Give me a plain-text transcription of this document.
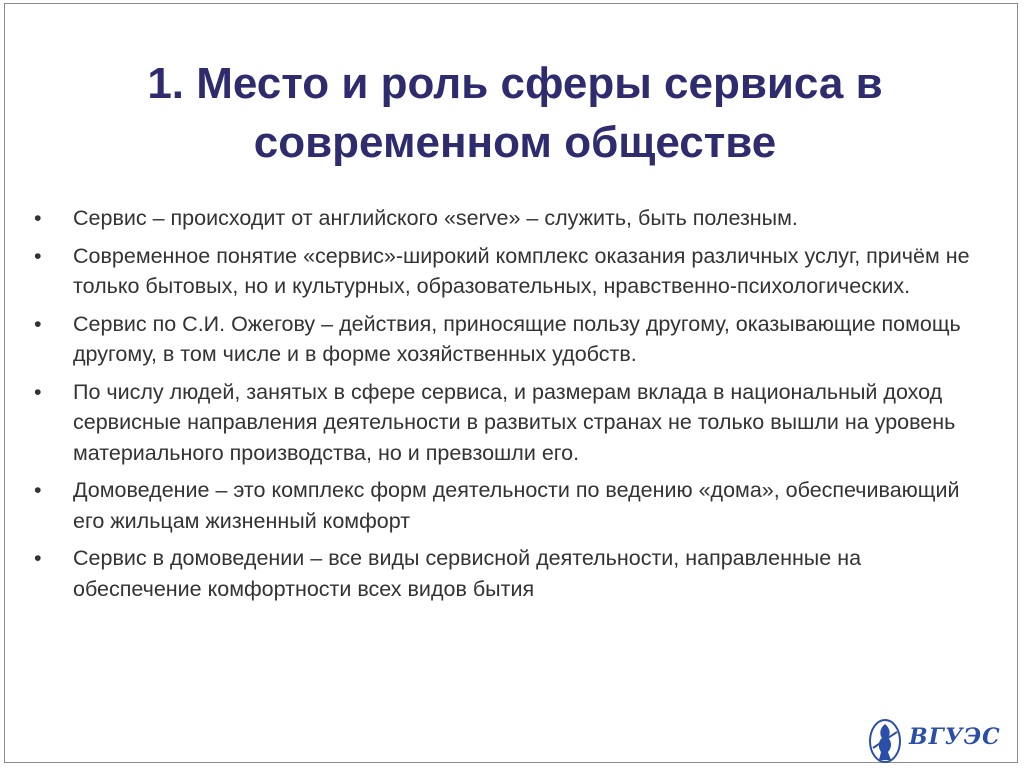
1. Место и роль сферы сервиса в современном обществе
• Сервис – происходит от английского «serve» – служить, быть полезным.
• Современное понятие «сервис»-широкий комплекс оказания различных услуг, причём не только бытовых, но и культурных, образовательных, нравственно-психологических.
• Сервис по С.И. Ожегову – действия, приносящие пользу другому, оказывающие помощь другому, в том числе и в форме хозяйственных удобств.
• По числу людей, занятых в сфере сервиса, и размерам вклада в национальный доход сервисные направления деятельности в развитых странах не только вышли на уровень материального производства, но и превзошли его.
• Домоведение – это комплекс форм деятельности по ведению «дома», обеспечивающий его жильцам жизненный комфорт
• Сервис в домоведении – все виды сервисной деятельности, направленные на обеспечение комфортности всех видов бытия
ВГУЭС
